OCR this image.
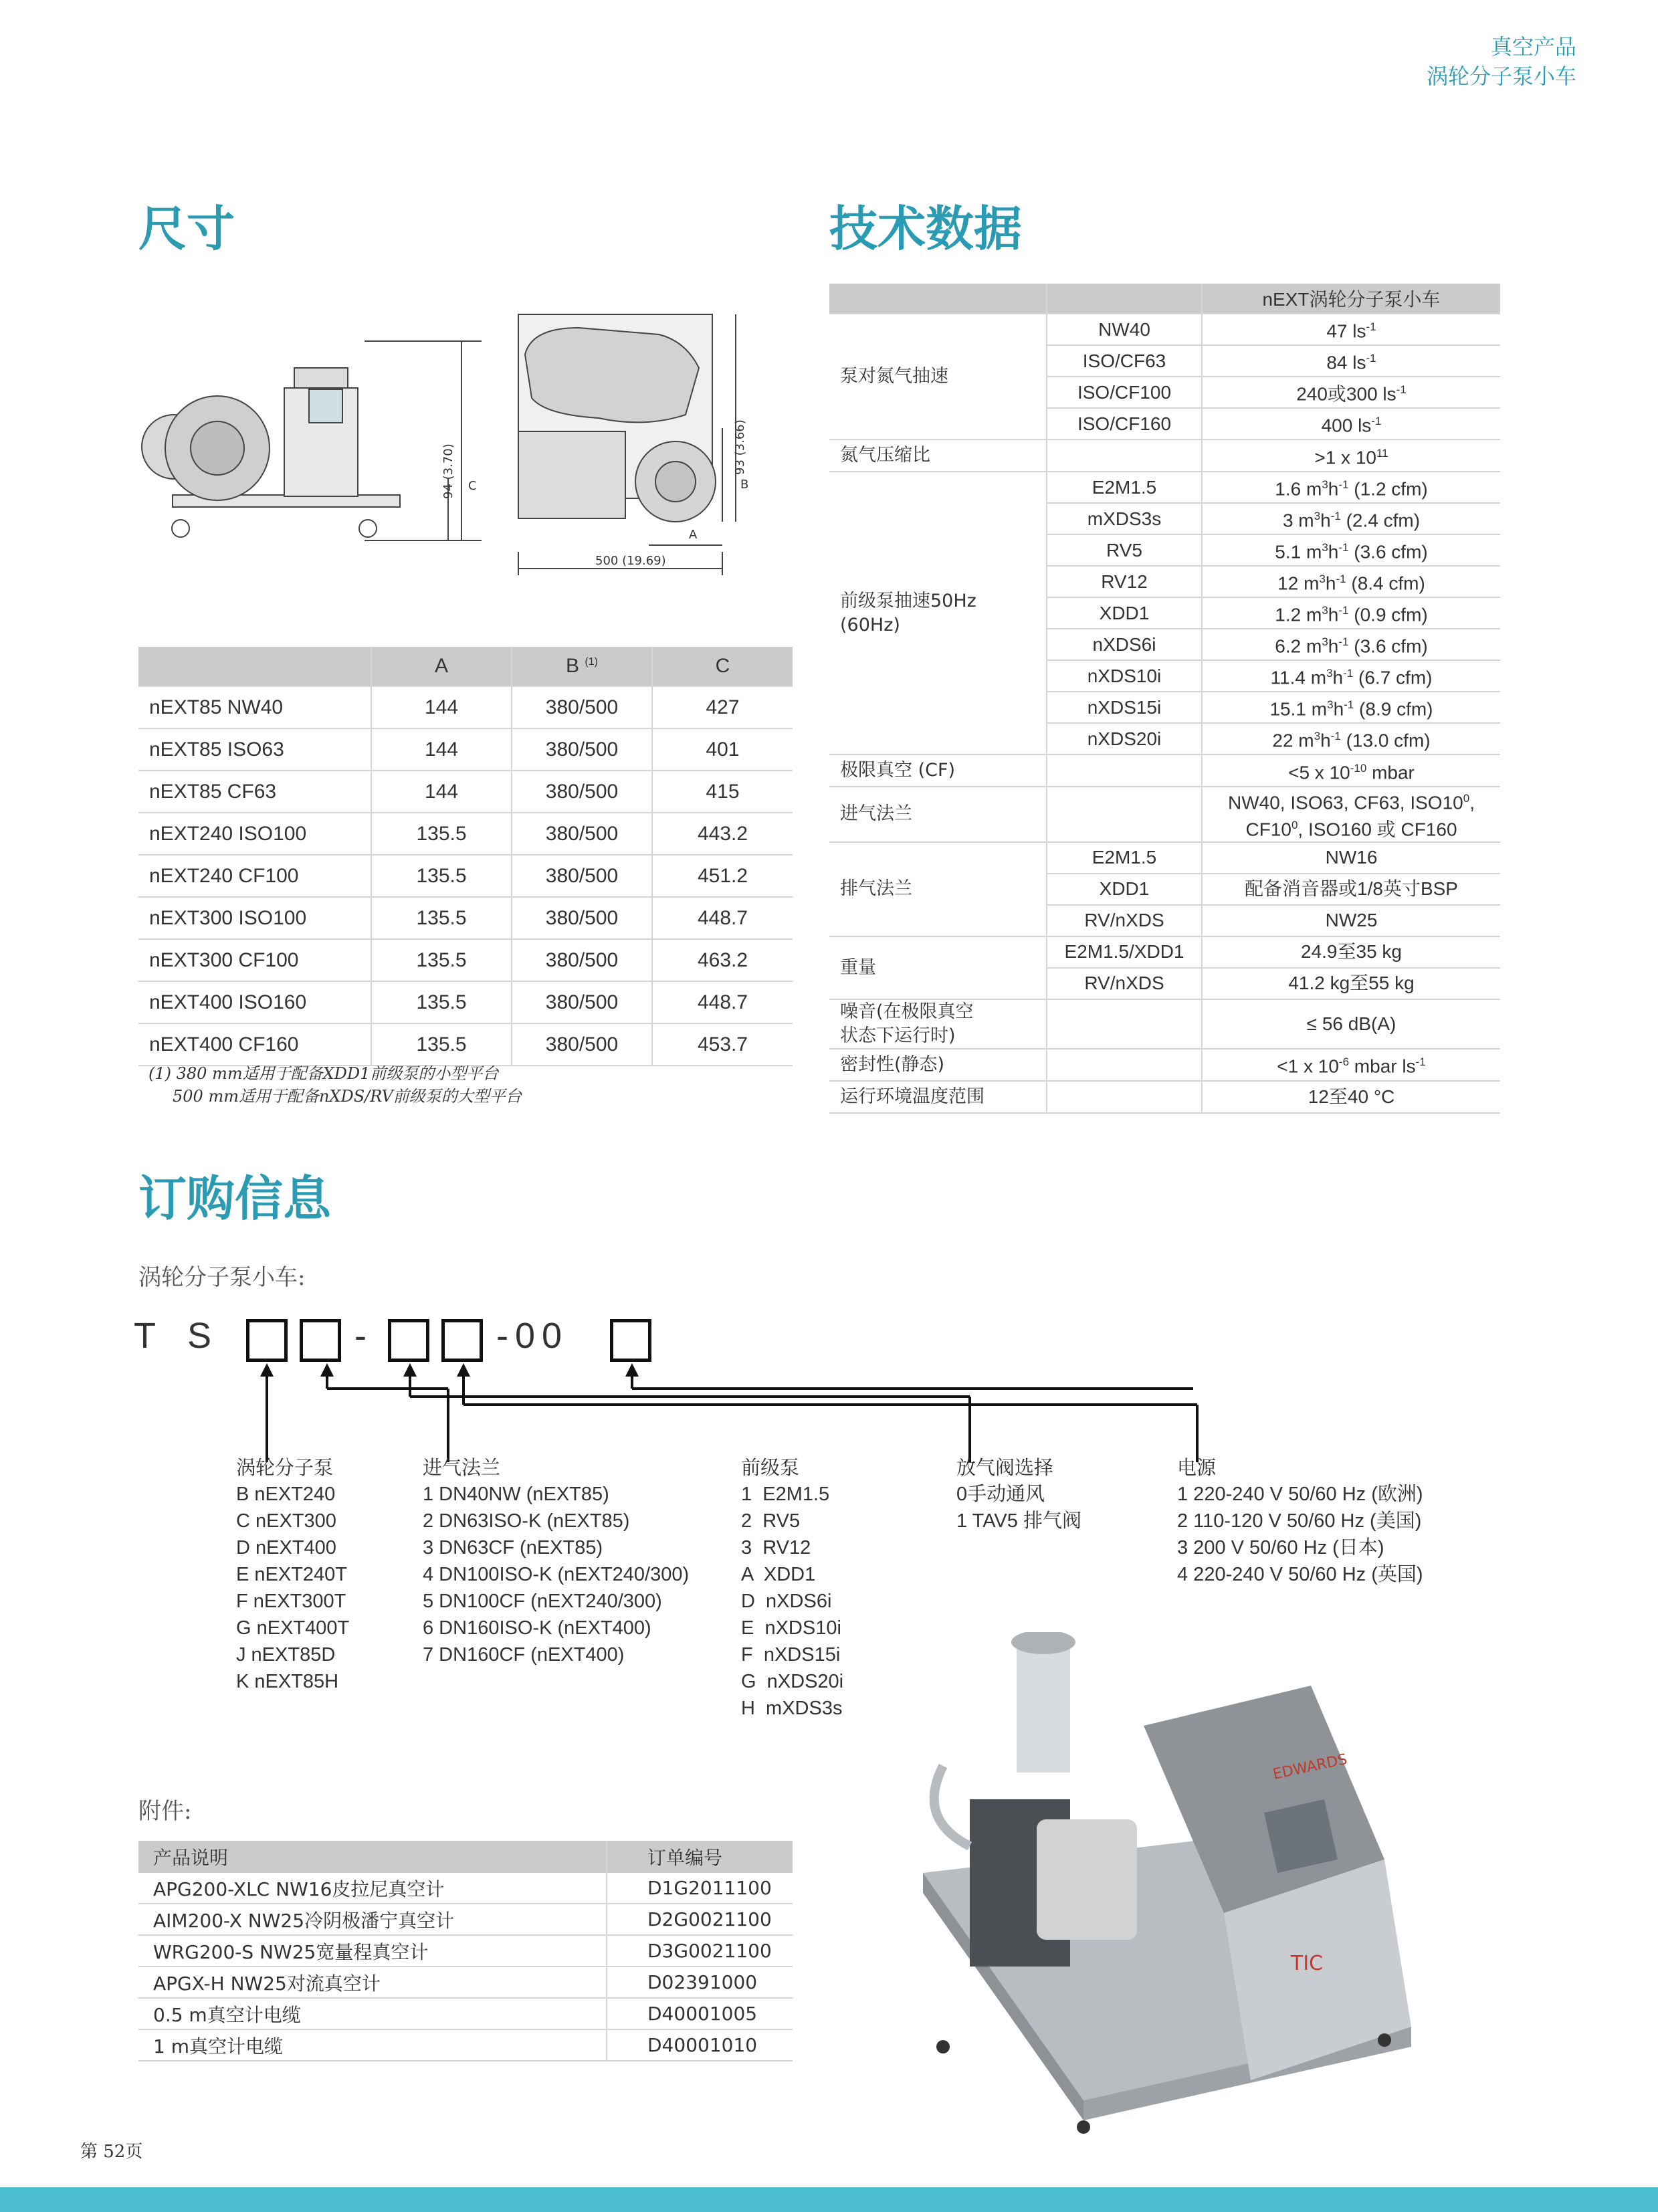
真空产品
涡轮分子泵小车
尺寸
94 (3.70) C	B
93 (3.66)
A
500 (19.69)
	A	B $^{(1)}$	C
nEXT85 NW40	144	380/500	427
nEXT85 ISO63	144	380/500	401
nEXT85 CF63	144	380/500	415
nEXT240 ISO100	135.5	380/500	443.2
nEXT240 CF100	135.5	380/500	451.2
nEXT300 ISO100	135.5	380/500	448.7
nEXT300 CF100	135.5	380/500	463.2
nEXT400 ISO160	135.5	380/500	448.7
nEXT400 CF160	135.5	380/500	453.7
(1) 380 mm适用于配备XDD1前级泵的小型平台
500 mm适用于配备nXDS/RV前级泵的大型平台
技术数据
		nEXT涡轮分子泵小车
泵对氮气抽速	NW40	47 $ls^{-1}$
	ISO/CF63	84 $ls^{-1}$
	ISO/CF100	240或300 $ls^{-1}$
	ISO/CF160	400 $ls^{-1}$
氮气压缩比		>1 x $10^{11}$
前级泵抽速50Hz
(60Hz)	E2M1.5	1.6 $m^3h^{-1}$ (1.2 cfm)
	mXDS3s	3 $m^3h^{-1}$ (2.4 cfm)
	RV5	5.1 $m^3h^{-1}$ (3.6 cfm)
	RV12	12 $m^3h^{-1}$ (8.4 cfm)
	XDD1	1.2 $m^3h^{-1}$ (0.9 cfm)
	nXDS6i	6.2 $m^3h^{-1}$ (3.6 cfm)
	nXDS10i	11.4 $m^3h^{-1}$ (6.7 cfm)
	nXDS15i	15.1 $m^3h^{-1}$ (8.9 cfm)
	nXDS20i	22 $m^3h^{-1}$ (13.0 cfm)
极限真空 (CF)		<5 x $10^{-10}$ mbar
进气法兰		NW40, ISO63, CF63, $ISO10^0$,
$CF10^0$, ISO160 或 CF160
排气法兰	E2M1.5	NW16
	XDD1	配备消音器或1/8英寸BSP
	RV/nXDS	NW25
重量	E2M1.5/XDD1	24.9至35 kg
	RV/nXDS	41.2 kg至55 kg
噪音(在极限真空
状态下运行时)		≤ 56 dB(A)
密封性(静态)		<1 x $10^{-6}$ mbar $ls^{-1}$
运行环境温度范围		12至40 °C
订购信息
涡轮分子泵小车:
T S	-	-00
涡轮分子泵
B nEXT240
C nEXT300
D nEXT400
E nEXT240T
F nEXT300T
G nEXT400T
J nEXT85D
K nEXT85H
进气法兰
1 DN40NW (nEXT85)
2 DN63ISO-K (nEXT85)
3 DN63CF (nEXT85)
4 DN100ISO-K (nEXT240/300)
5 DN100CF (nEXT240/300)
6 DN160ISO-K (nEXT400)
7 DN160CF (nEXT400)
前级泵
1  E2M1.5
2  RV5
3  RV12
A  XDD1
D  nXDS6i
E  nXDS10i
F  nXDS15i
G  nXDS20i
H  mXDS3s
放气阀选择
0手动通风
1 TAV5 排气阀
电源
1 220-240 V 50/60 Hz (欧洲)
2 110-120 V 50/60 Hz (美国)
3 200 V 50/60 Hz (日本)
4 220-240 V 50/60 Hz (英国)
附件:
产品说明	订单编号
APG200-XLC NW16皮拉尼真空计	D1G2011100
AIM200-X NW25冷阴极潘宁真空计	D2G0021100
WRG200-S NW25宽量程真空计	D3G0021100
APGX-H NW25对流真空计	D02391000
0.5 m真空计电缆	D40001005
1 m真空计电缆	D40001010
EDWARDS
TIC
第 52页
